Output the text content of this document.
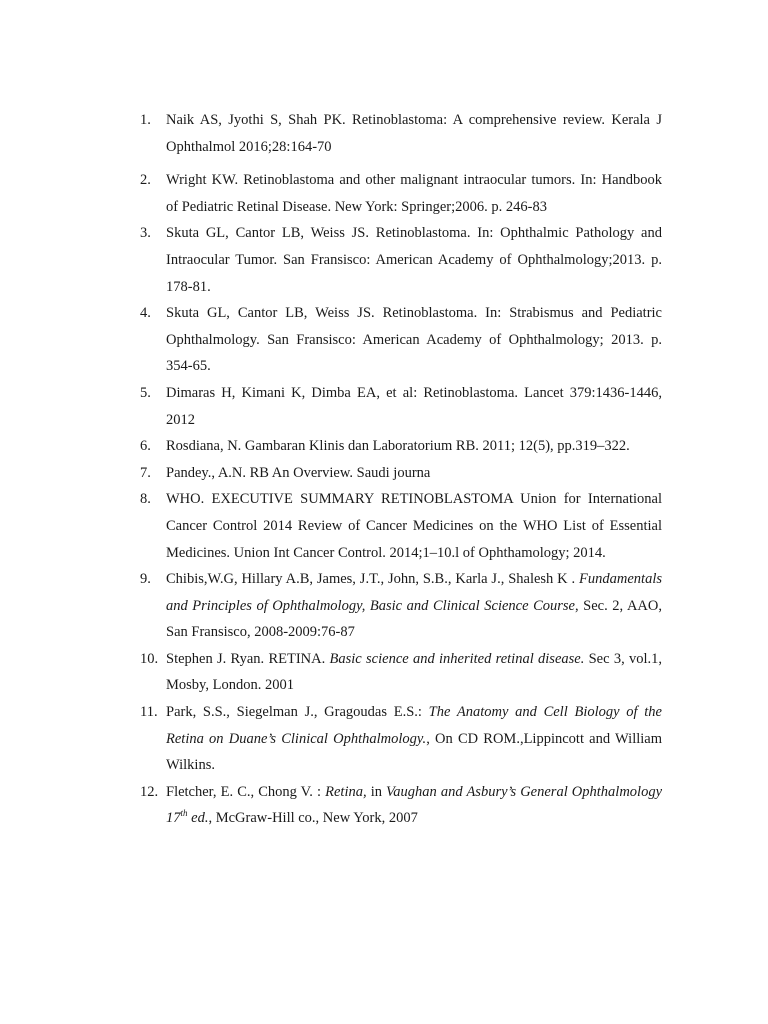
1. Naik AS, Jyothi S, Shah PK. Retinoblastoma: A comprehensive review. Kerala J Ophthalmol 2016;28:164-70
2. Wright KW. Retinoblastoma and other malignant intraocular tumors. In: Handbook of Pediatric Retinal Disease. New York: Springer;2006. p. 246-83
3. Skuta GL, Cantor LB, Weiss JS. Retinoblastoma. In: Ophthalmic Pathology and Intraocular Tumor. San Fransisco: American Academy of Ophthalmology;2013. p. 178-81.
4. Skuta GL, Cantor LB, Weiss JS. Retinoblastoma. In: Strabismus and Pediatric Ophthalmology. San Fransisco: American Academy of Ophthalmology; 2013. p. 354-65.
5. Dimaras H, Kimani K, Dimba EA, et al: Retinoblastoma. Lancet 379:1436-1446, 2012
6. Rosdiana, N. Gambaran Klinis dan Laboratorium RB. 2011; 12(5), pp.319–322.
7. Pandey., A.N. RB An Overview. Saudi journa
8. WHO. EXECUTIVE SUMMARY RETINOBLASTOMA Union for International Cancer Control 2014 Review of Cancer Medicines on the WHO List of Essential Medicines. Union Int Cancer Control. 2014;1–10.l of Ophthamology; 2014.
9. Chibis,W.G, Hillary A.B, James, J.T., John, S.B., Karla J., Shalesh K . Fundamentals and Principles of Ophthalmology, Basic and Clinical Science Course, Sec. 2, AAO, San Fransisco, 2008-2009:76-87
10. Stephen J. Ryan. RETINA. Basic science and inherited retinal disease. Sec 3, vol.1, Mosby, London. 2001
11. Park, S.S., Siegelman J., Gragoudas E.S.: The Anatomy and Cell Biology of the Retina on Duane’s Clinical Ophthalmology., On CD ROM.,Lippincott and William Wilkins.
12. Fletcher, E. C., Chong V. : Retina, in Vaughan and Asbury’s General Ophthalmology 17th ed., McGraw-Hill co., New York, 2007
